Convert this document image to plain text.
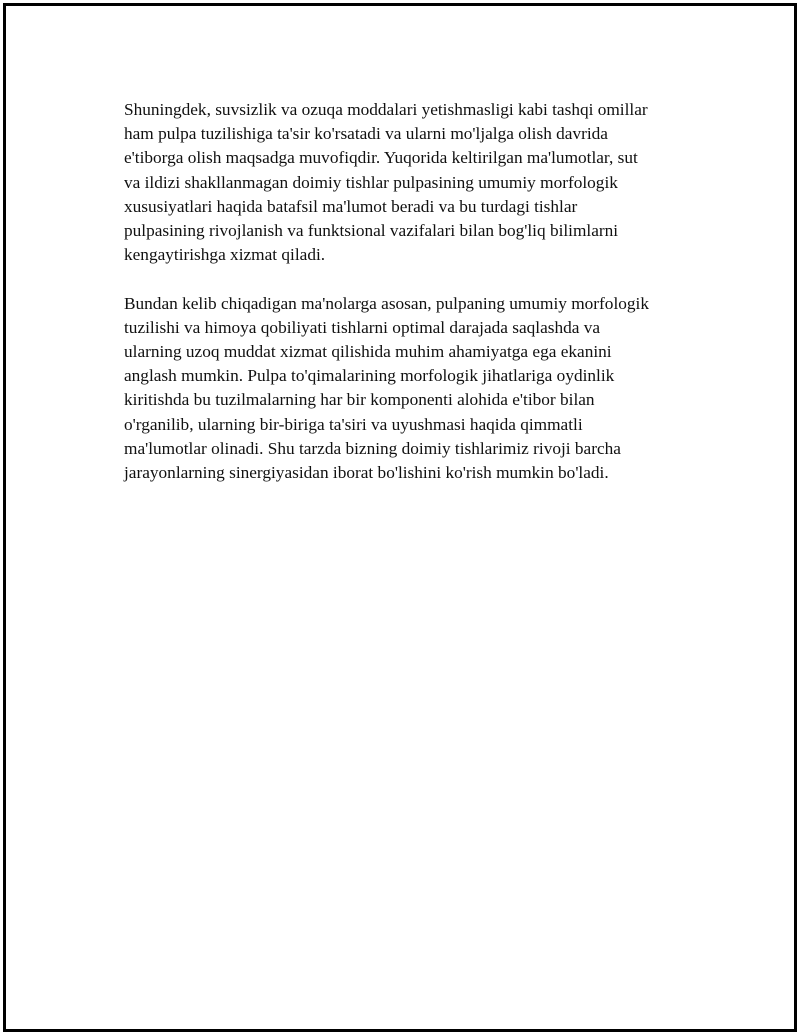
Shuningdek, suvsizlik va ozuqa moddalari yetishmasligi kabi tashqi omillar
ham pulpa tuzilishiga ta'sir ko'rsatadi va ularni mo'ljalga olish davrida
e'tiborga olish maqsadga muvofiqdir. Yuqorida keltirilgan ma'lumotlar, sut
va ildizi shakllanmagan doimiy tishlar pulpasining umumiy morfologik
xususiyatlari haqida batafsil ma'lumot beradi va bu turdagi tishlar
pulpasining rivojlanish va funktsional vazifalari bilan bog'liq bilimlarni
kengaytirishga xizmat qiladi.

Bundan kelib chiqadigan ma'nolarga asosan, pulpaning umumiy morfologik
tuzilishi va himoya qobiliyati tishlarni optimal darajada saqlashda va
ularning uzoq muddat xizmat qilishida muhim ahamiyatga ega ekanini
anglash mumkin. Pulpa to'qimalarining morfologik jihatlariga oydinlik
kiritishda bu tuzilmalarning har bir komponenti alohida e'tibor bilan
o'rganilib, ularning bir-biriga ta'siri va uyushmasi haqida qimmatli
ma'lumotlar olinadi. Shu tarzda bizning doimiy tishlarimiz rivoji barcha
jarayonlarning sinergiyasidan iborat bo'lishini ko'rish mumkin bo'ladi.
